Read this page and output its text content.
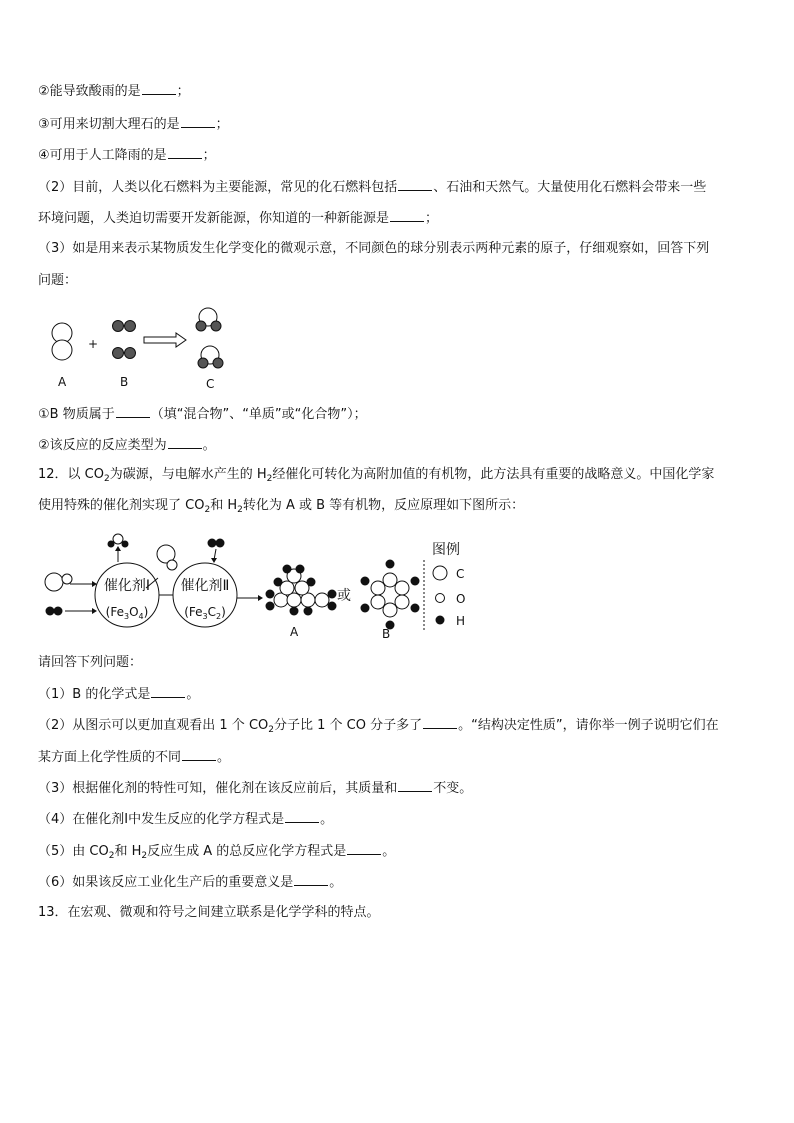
②能导致酸雨的是	；
③可用来切割大理石的是	；
④可用于人工降雨的是	；
（2）目前，人类以化石燃料为主要能源，常见的化石燃料包括	、石油和天然气。大量使用化石燃料会带来一些
环境问题，人类迫切需要开发新能源，你知道的一种新能源是	；
（3）如是用来表示某物质发生化学变化的微观示意，不同颜色的球分别表示两种元素的原子，仔细观察如，回答下列
问题：
+
A	B	C
①B 物质属于	（填“混合物”、“单质”或“化合物”）；
②该反应的反应类型为	。
12．以 $CO_2$为碳源，与电解水产生的 $H_2$经催化可转化为高附加值的有机物，此方法具有重要的战略意义。中国化学家
使用特殊的催化剂实现了 $CO_2$和 $H_2$转化为 A 或 B 等有机物，反应原理如下图所示：
催化剂Ⅰ
$(Fe_3O_4)$
催化剂Ⅱ
$(Fe_3C_2)$
A
或
B
图例
C
O
H
请回答下列问题：
（1）B 的化学式是	。
（2）从图示可以更加直观看出 1 个 $CO_2$分子比 1 个 CO 分子多了	。“结构决定性质”，请你举一例子说明它们在
某方面上化学性质的不同	。
（3）根据催化剂的特性可知，催化剂在该反应前后，其质量和	不变。
（4）在催化剂Ⅰ中发生反应的化学方程式是	。
（5）由 $CO_2$和 $H_2$反应生成 A 的总反应化学方程式是	。
（6）如果该反应工业化生产后的重要意义是	。
13．在宏观、微观和符号之间建立联系是化学学科的特点。
